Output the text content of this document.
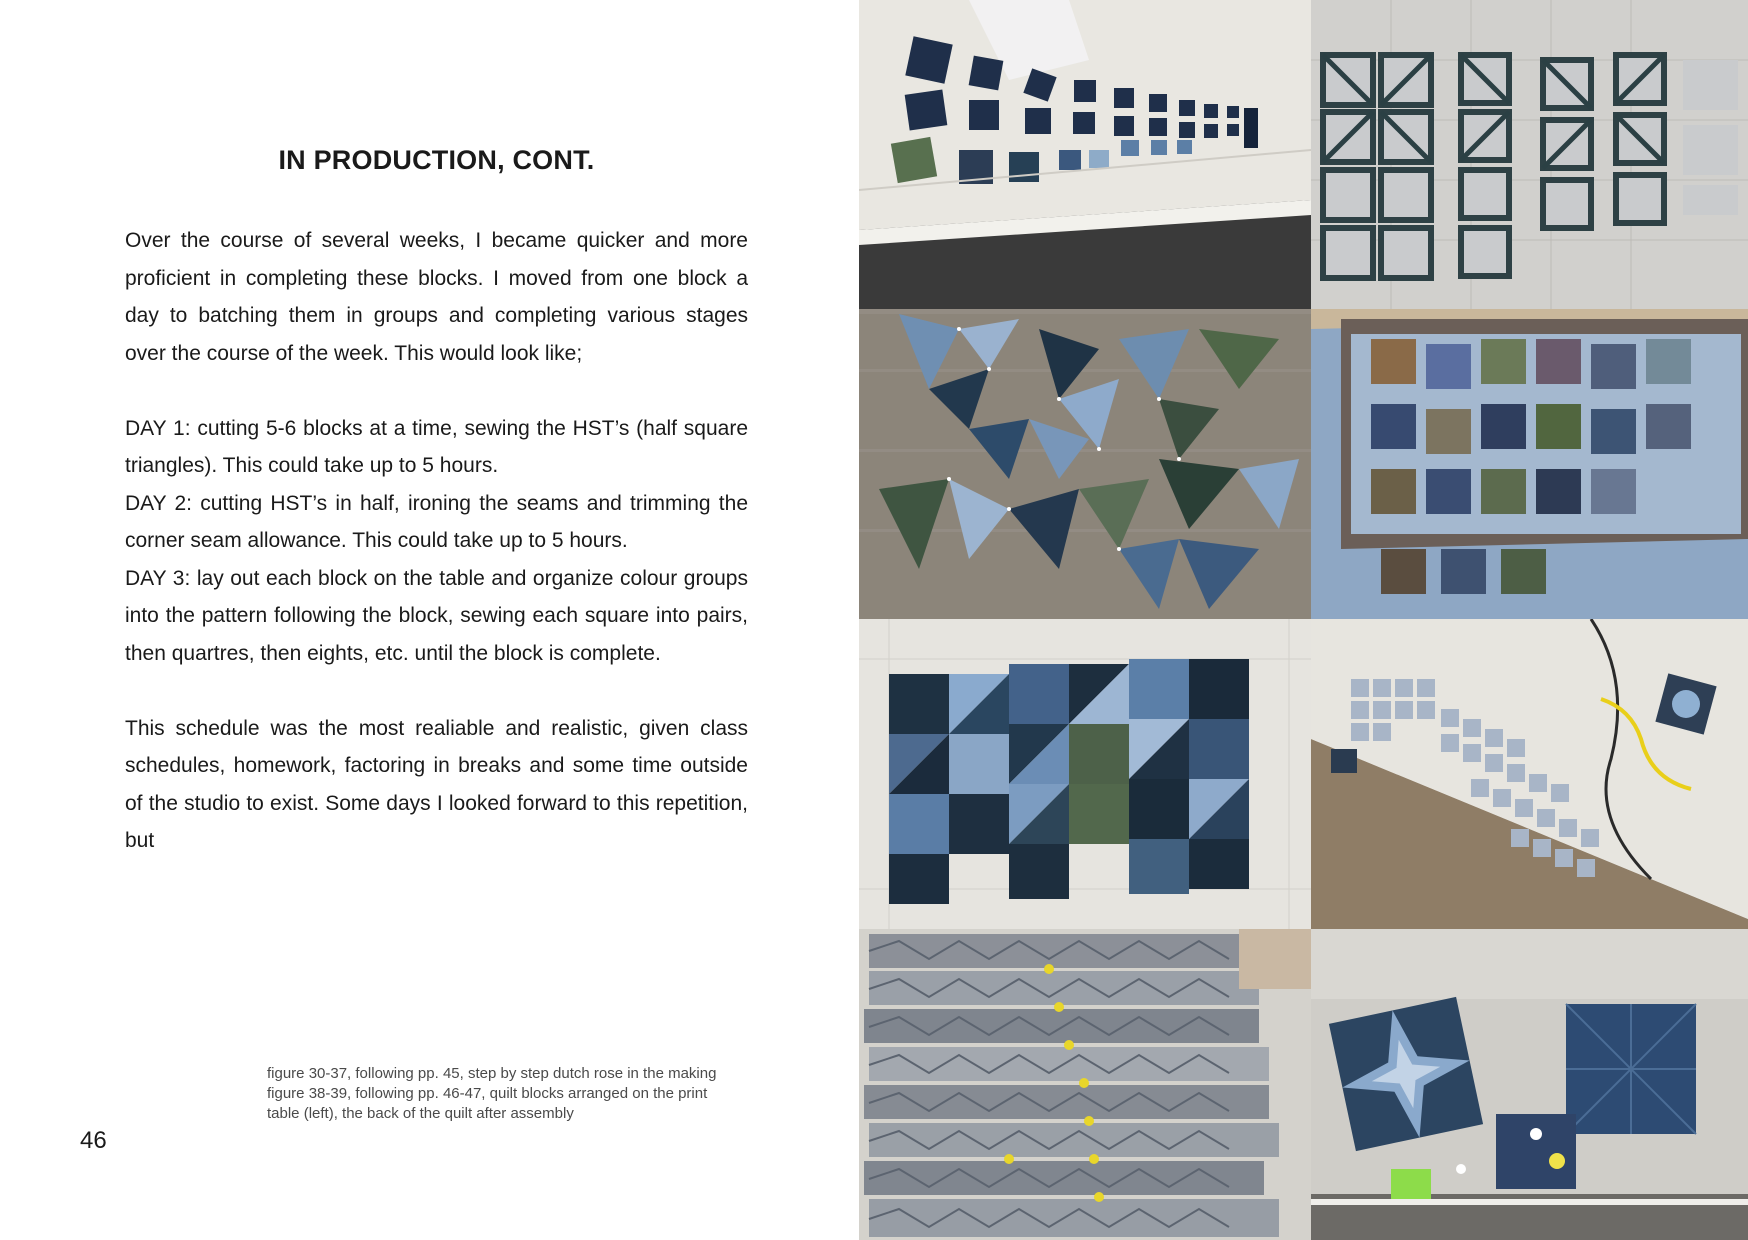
IN PRODUCTION, CONT.

Over the course of several weeks, I became quicker and more proficient in completing these blocks. I moved from one block a day to batching them in groups and completing various stages over the course of the week. This would look like;

DAY 1: cutting 5-6 blocks at a time, sewing the HST’s (half square triangles). This could take up to 5 hours.

DAY 2: cutting HST’s in half, ironing the seams and trimming the corner seam allowance. This could take up to 5 hours.

DAY 3: lay out each block on the table and organize colour groups into the pattern following the block, sewing each square into pairs, then quartres, then eights, etc. until the block is complete.

This schedule was the most realiable and realistic, given class schedules, homework, factoring in breaks and some time outside of the studio to exist. Some days I looked forward to this repetition, but

figure 30-37, following pp. 45, step by step dutch rose in the making
figure 38-39, following pp. 46-47, quilt blocks arranged on the print
table (left), the back of the quilt after assembly
46
